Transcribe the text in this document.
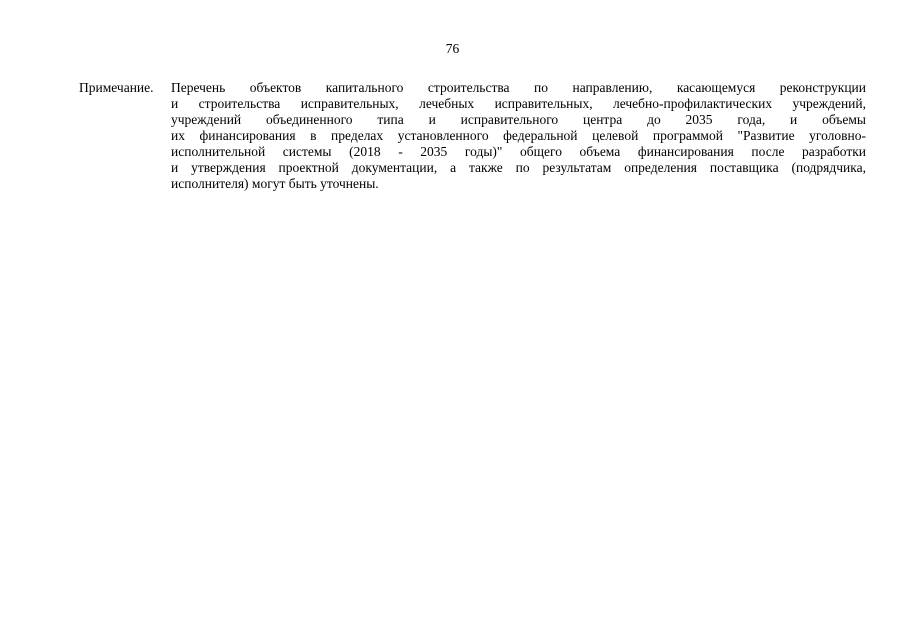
76
Примечание. Перечень объектов капитального строительства по направлению, касающемуся реконструкции
и строительства исправительных, лечебных исправительных, лечебно-профилактических учреждений,
учреждений объединенного типа и исправительного центра до 2035 года, и объемы
их финансирования в пределах установленного федеральной целевой программой "Развитие уголовно-
исполнительной системы (2018 - 2035 годы)" общего объема финансирования после разработки
и утверждения проектной документации, а также по результатам определения поставщика (подрядчика,
исполнителя) могут быть уточнены.
